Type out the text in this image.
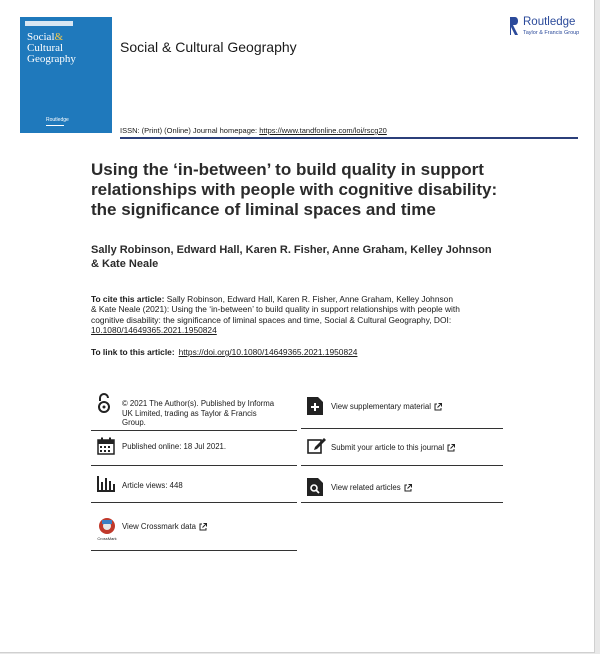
Social&
Cultural
Geography
Routledge
Social & Cultural Geography
Routledge
Taylor & Francis Group
ISSN: (Print) (Online) Journal homepage: https://www.tandfonline.com/loi/rscg20
Using the ‘in-between’ to build quality in support
relationships with people with cognitive disability:
the significance of liminal spaces and time
Sally Robinson, Edward Hall, Karen R. Fisher, Anne Graham, Kelley Johnson
& Kate Neale
To cite this article: Sally Robinson, Edward Hall, Karen R. Fisher, Anne Graham, Kelley Johnson
& Kate Neale (2021): Using the ‘in-between’ to build quality in support relationships with people with
cognitive disability: the significance of liminal spaces and time, Social & Cultural Geography, DOI:
10.1080/14649365.2021.1950824
To link to this article: https://doi.org/10.1080/14649365.2021.1950824
© 2021 The Author(s). Published by Informa
UK Limited, trading as Taylor & Francis
Group.
Published online: 18 Jul 2021.
Article views: 448
CrossMark
View Crossmark data
View supplementary material
Submit your article to this journal
View related articles
